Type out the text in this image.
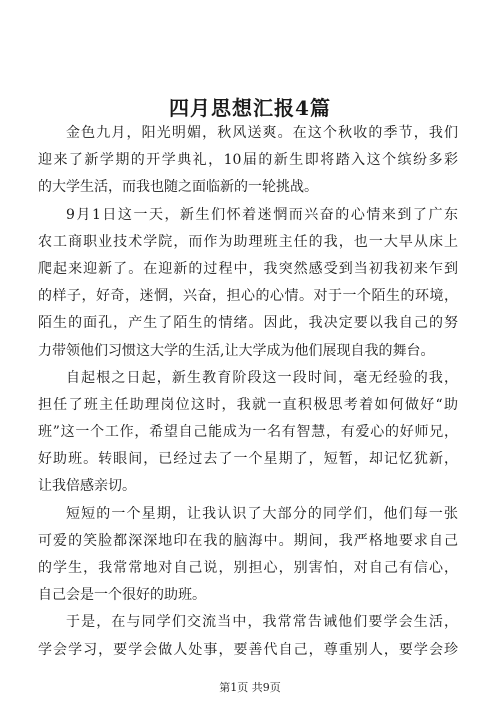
四月思想汇报4篇
金色九月，阳光明媚，秋风送爽。在这个秋收的季节，我们
迎来了新学期的开学典礼，10届的新生即将踏入这个缤纷多彩
的大学生活，而我也随之面临新的一轮挑战。
9月1日这一天，新生们怀着迷惘而兴奋的心情来到了广东
农工商职业技术学院，而作为助理班主任的我，也一大早从床上
爬起来迎新了。在迎新的过程中，我突然感受到当初我初来乍到
的样子，好奇，迷惘，兴奋，担心的心情。对于一个陌生的环境，
陌生的面孔，产生了陌生的情绪。因此，我决定要以我自己的努
力带领他们习惯这大学的生活,让大学成为他们展现自我的舞台。
自起根之日起，新生教育阶段这一段时间，毫无经验的我，
担任了班主任助理岗位这时，我就一直积极思考着如何做好“助
班”这一个工作，希望自己能成为一名有智慧，有爱心的好师兄，
好助班。转眼间，已经过去了一个星期了，短暂，却记忆犹新，
让我倍感亲切。
短短的一个星期，让我认识了大部分的同学们，他们每一张
可爱的笑脸都深深地印在我的脑海中。期间，我严格地要求自己
的学生，我常常地对自己说，别担心，别害怕，对自己有信心，
自己会是一个很好的助班。
于是，在与同学们交流当中，我常常告诫他们要学会生活，
学会学习，要学会做人处事，要善代自己，尊重别人，要学会珍
第1页 共9页
